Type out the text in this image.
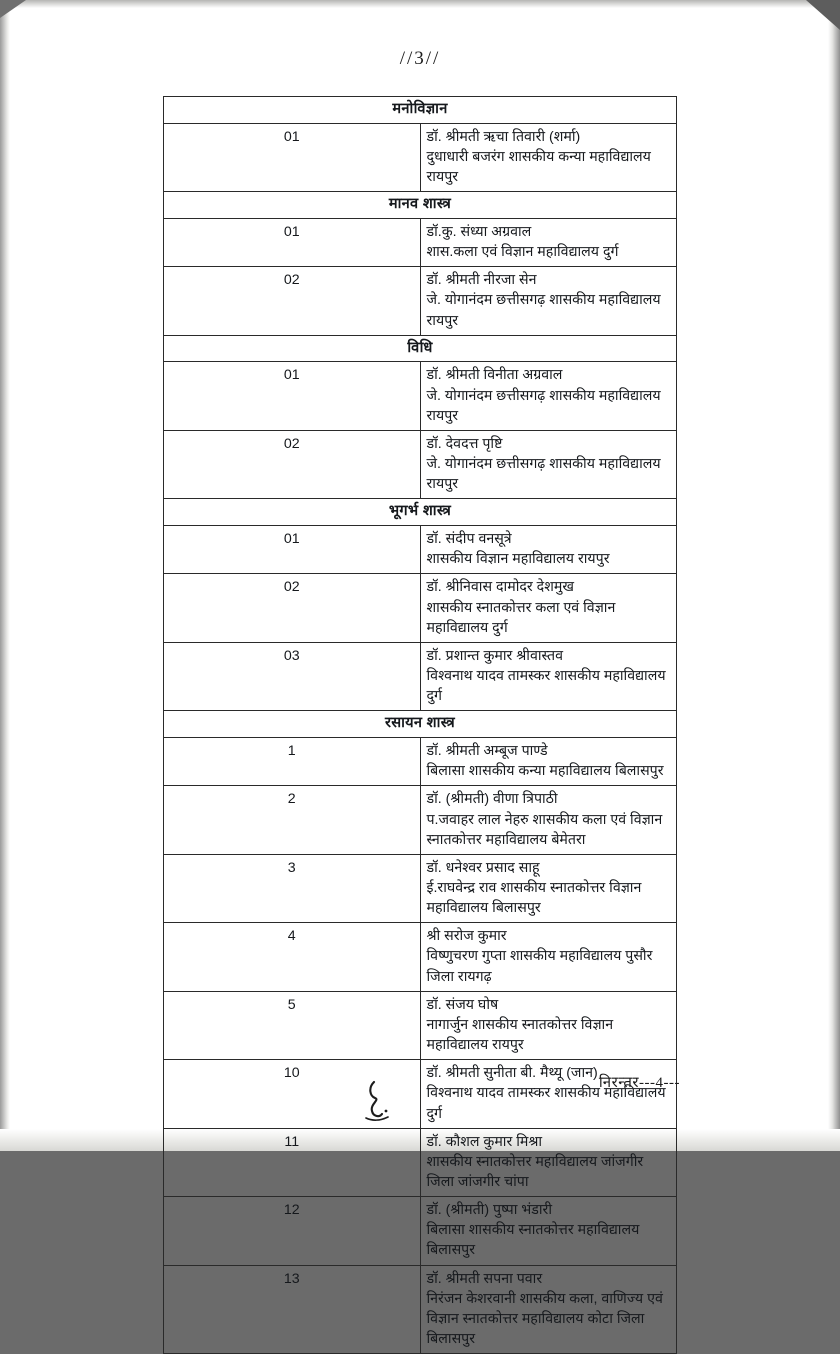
//3//
मनोविज्ञान	
01	डॉ. श्रीमती ऋचा तिवारी (शर्मा)
दुधाधारी बजरंग शासकीय कन्या महाविद्यालय रायपुर

मानव शास्त्र	
01	डॉ.कु. संध्या अग्रवाल
शास.कला एवं विज्ञान महाविद्यालय दुर्ग

02	डॉ. श्रीमती नीरजा सेन
जे. योगानंदम छत्तीसगढ़ शासकीय महाविद्यालय रायपुर

विधि	
01	डॉ. श्रीमती विनीता अग्रवाल
जे. योगानंदम छत्तीसगढ़ शासकीय महाविद्यालय रायपुर

02	डॉ. देवदत्त पृष्टि
जे. योगानंदम छत्तीसगढ़ शासकीय महाविद्यालय रायपुर

भूगर्भ शास्त्र	
01	डॉ. संदीप वनसूत्रे
शासकीय विज्ञान महाविद्यालय रायपुर

02	डॉ. श्रीनिवास दामोदर देशमुख
शासकीय स्नातकोत्तर कला एवं विज्ञान महाविद्यालय दुर्ग

03	डॉ. प्रशान्त कुमार श्रीवास्तव
विश्वनाथ यादव तामस्कर शासकीय महाविद्यालय दुर्ग

रसायन शास्त्र	
1	डॉ. श्रीमती अम्बूज पाण्डे
बिलासा शासकीय कन्या महाविद्यालय बिलासपुर

2	डॉ. (श्रीमती) वीणा त्रिपाठी
प.जवाहर लाल नेहरु शासकीय कला एवं विज्ञान स्नातकोत्तर महाविद्यालय बेमेतरा

3	डॉ. धनेश्वर प्रसाद साहू
ई.राघवेन्द्र राव शासकीय स्नातकोत्तर विज्ञान महाविद्यालय बिलासपुर

4	श्री सरोज कुमार
विष्णुचरण गुप्ता शासकीय महाविद्यालय पुसौर जिला रायगढ़

5	डॉ. संजय घोष
नागार्जुन शासकीय स्नातकोत्तर विज्ञान महाविद्यालय रायपुर

10	डॉ. श्रीमती सुनीता बी. मैथ्यू (जान)
विश्वनाथ यादव तामस्कर शासकीय महाविद्यालय दुर्ग

11	डॉ. कौशल कुमार मिश्रा
शासकीय स्नातकोत्तर महाविद्यालय जांजगीर जिला जांजगीर चांपा

12	डॉ. (श्रीमती) पुष्पा भंडारी
बिलासा शासकीय स्नातकोत्तर महाविद्यालय बिलासपुर

13	डॉ. श्रीमती सपना पवार
निरंजन केशरवानी शासकीय कला, वाणिज्य एवं विज्ञान स्नातकोत्तर महाविद्यालय कोटा जिला बिलासपुर
निरन्तर---4---
